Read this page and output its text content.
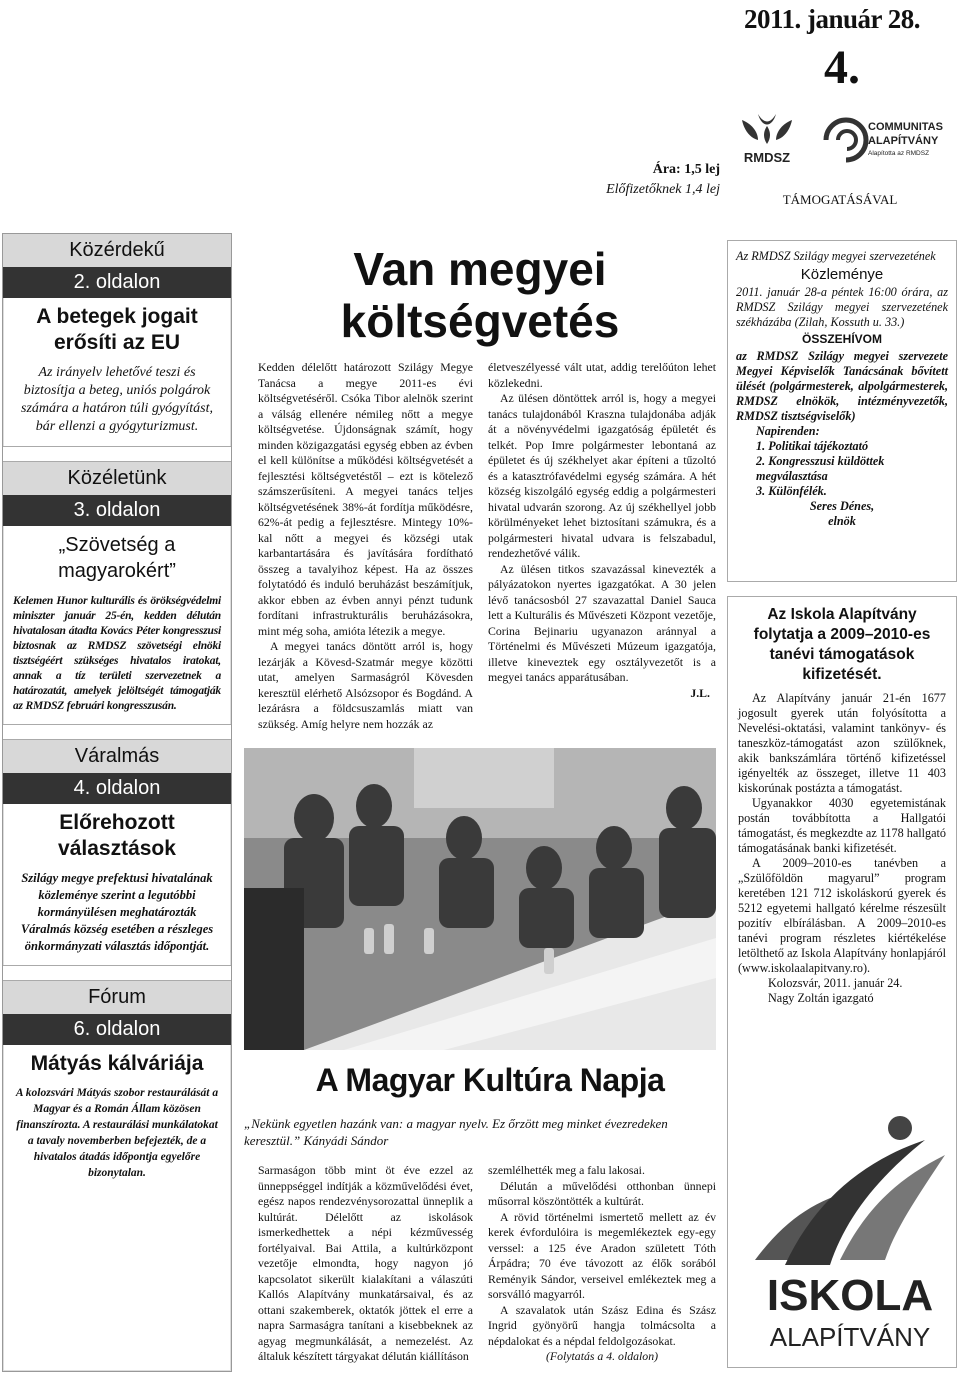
2011. január 28.
4.
RMDSZ
COMMUNITAS
ALAPÍTVÁNY
Alapította az RMDSZ
Ára: 1,5 lej
Előfizetőknek 1,4 lej
TÁMOGATÁSÁVAL
Közérdekű
2. oldalon
A betegek jogait erősíti az EU
Az irányelv lehetővé teszi és biztosítja a beteg, uniós polgárok számára a határon túli gyógyítást, bár ellenzi a gyógyturizmust.
Közéletünk
3. oldalon
„Szövetség a magyarokért”
Kelemen Hunor kulturális és örökségvédelmi miniszter január 25-én, kedden délután hivatalosan átadta Kovács Péter kongresszusi biztosnak az RMDSZ szövetségi elnöki tisztségéért szükséges hivatalos iratokat, annak a tíz területi szervezetnek a határozatát, amelyek jelöltségét támogatják az RMDSZ februári kongresszusán.
Váralmás
4. oldalon
Előrehozott választások
Szilágy megye prefektusi hivatalának közleménye szerint a legutóbbi kormányülésen meghatározták Váralmás község esetében a részleges önkormányzati választás időpontját.
Fórum
6. oldalon
Mátyás kálváriája
A kolozsvári Mátyás szobor restaurálását a Magyar és a Román Állam közösen finanszírozta. A restaurálási munkálatokat a tavaly novemberben befejezték, de a hivatalos átadás időpontja egyelőre bizonytalan.
Van megyei
költségvetés
Kedden délelőtt határozott Szilágy Megye Tanácsa a megye 2011-es évi költségvetéséről. Csóka Tibor alelnök szerint a válság ellenére némileg nőtt a megye költségvetése. Újdonságnak számít, hogy minden közigazgatási egység ebben az évben el kell különítse a működési költségvetését a fejlesztési költségvetéstől – ezt is kötelező számszerűsíteni. A megyei tanács teljes költségvetésének 38%-át fordítja működésre, 62%-át pedig a fejlesztésre. Mintegy 10%-kal nőtt a megyei és községi utak karbantartására és javítására fordítható összeg a tavalyihoz képest. Ha az összes folytatódó és induló beruházást beszámítjuk, akkor ebben az évben annyi pénzt tudunk fordítani infrastrukturális beruházásokra, mint még soha, amióta létezik a megye.
A megyei tanács döntött arról is, hogy lezárják a Kövesd-Szatmár megye közötti utat, amelyen Sarmaságról Kövesden keresztül elérhető Alsózsopor és Bogdánd. A lezárásra a földcsuszamlás miatt van szükség. Amíg helyre nem hozzák az
életveszélyessé vált utat, addig terelőúton lehet közlekedni.
Az ülésen döntöttek arról is, hogy a megyei tanács tulajdonából Kraszna tulajdonába adják át a növényvédelmi igazgatóság épületét és telkét. Pop Imre polgármester lebontaná az épületet és új székhelyet akar építeni a tűzoltó és a katasztrófavédelmi egység számára. A hét község kiszolgáló egység eddig a polgármesteri hivatal udvarán szorong. Az új székhellyel jobb körülményeket lehet biztosítani számukra, és a polgármesteri hivatal udvara is felszabadul, rendezhetővé válik.
Az ülésen titkos szavazással kinevezték a pályázatokon nyertes igazgatókat. A 30 jelen lévő tanácsosból 27 szavazattal Daniel Sauca lett a Kulturális és Művészeti Központ vezetője, Corina Bejinariu ugyanazon aránnyal a Történelmi és Művészeti Múzeum igazgatója, illetve kineveztek egy osztályvezetőt is a megyei tanács apparátusában.
J.L.
A Magyar Kultúra Napja
„Nekünk egyetlen hazánk van: a magyar nyelv. Ez őrzött meg minket évezredeken keresztül.” Kányádi Sándor
Sarmaságon több mint öt éve ezzel az ünneppséggel indítják a közművelődési évet, egész napos rendezvénysorozattal ünneplik a kultúrát. Délelőtt az iskolások ismerkedhettek a népi kézművesség fortélyaival. Bai Attila, a kultúrközpont vezetője elmondta, hogy nagyon jó kapcsolatot sikerült kialakítani a válaszúti Kallós Alapítvány munkatársaival, és az ottani szakemberek, oktatók jöttek el erre a napra Sarmaságra tanítani a kisebbeknek az agyag megmunkálását, a nemezelést. Az általuk készített tárgyakat délután kiállításon
szemlélhették meg a falu lakosai.
Délután a művelődési otthonban ünnepi műsorral köszöntötték a kultúrát.
A rövid történelmi ismertető mellett az év kerek évfordulóira is megemlékeztek egy-egy verssel: a 125 éve Aradon született Tóth Árpádra; 70 éve távozott az élők sorából Reményik Sándor, verseivel emlékeztek meg a sorsválló magyarról.
A szavalatok után Szász Edina és Szász Ingrid gyönyörű hangja tolmácsolta a népdalokat és a népdal feldolgozásokat.
(Folytatás a 4. oldalon)

Az RMDSZ Szilágy megyei szervezetének

Közleménye

2011. január 28-a péntek 16:00 órára, az RMDSZ Szilágy megyei szervezetének székházába (Zilah, Kossuth u. 33.)

ÖSSZEHÍVOM

az RMDSZ Szilágy megyei szervezete Megyei Képviselők Tanácsának bővített ülését (polgármesterek, alpolgármesterek, RMDSZ elnökök, intézményvezetők, RMDSZ tisztségviselők)

Napirenden:

1. Politikai tájékoztató

2. Kongresszusi küldöttek megválasztása

3. Különfélék.

Seres Dénes,

elnök

Az Iskola Alapítvány folytatja a 2009–2010-es tanévi támogatások kifizetését.

Az Alapítvány január 21-én 1677 jogosult gyerek után folyósította a Nevelési-oktatási, valamint tankönyv- és taneszköz-támogatást azon szülőknek, akik bankszámlára történő kifizetéssel igényelték az összeget, illetve 11 403 kiskorúnak postázta a támogatást.

Ugyanakkor 4030 egyetemistának postán továbbította a Hallgatói támogatást, és megkezdte az 1178 hallgató támogatásának banki kifizetését.

A 2009–2010-es tanévben a „Szülőföldön magyarul” program keretében 121 712 iskoláskorú gyerek és 5212 egyetemi hallgató kérelme részesült pozitív elbírálásban. A 2009–2010-es tanévi program részletes kiértékelése letölthető az Iskola Alapítvány honlapjáról (www.iskolaalapitvany.ro).

Kolozsvár, 2011. január 24.

Nagy Zoltán igazgató

ISKOLA
ALAPÍTVÁNY
